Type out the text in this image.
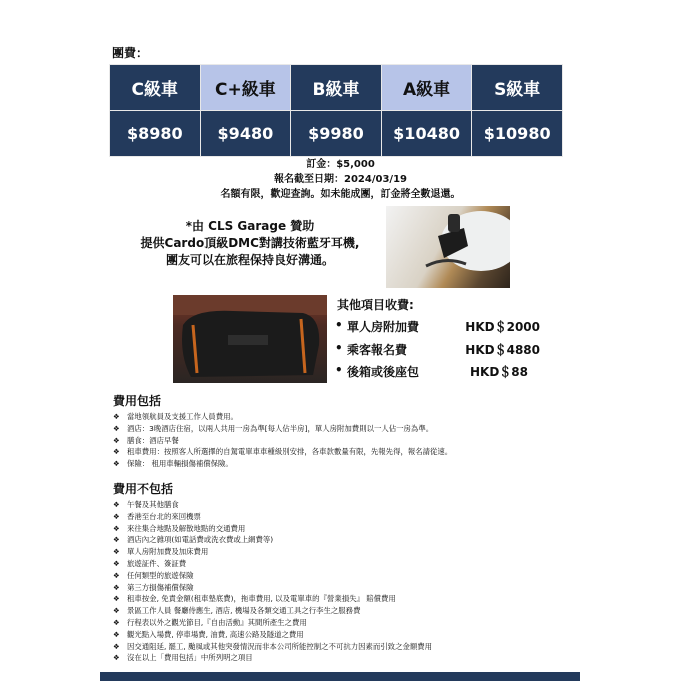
團費：
C級車	C+級車	B級車	A級車	S級車
$8980	$9480	$9980	$10480	$10980
訂金：$5,000
報名截至日期：2024/03/19
名額有限，歡迎查詢。如未能成團，訂金將全數退還。
*由 CLS Garage 贊助
提供Cardo頂級DMC對講技術藍牙耳機,
團友可以在旅程保持良好溝通。
其他項目收費:
• 單人房附加費	HKD＄2000
• 乘客報名費	HKD＄4880
• 後箱或後座包	HKD＄88
費用包括
❖ 當地領航員及支援工作人員費用。
❖ 酒店：3晚酒店住宿，以兩人共用一房為準[每人佔半房]，單人房附加費則以一人佔一房為準。
❖ 膳食：酒店早餐
❖ 租車費用：按照客人所選擇的自駕電單車車種級別安排，各車款數量有限，先報先得，報名請從速。
❖ 保險： 租用車輛損傷補償保險。
費用不包括
❖ 午餐及其他膳食
❖ 香港至台北的來回機票
❖ 來往集合地點及解散地點的交通費用
❖ 酒店內之雜項(如電話費或洗衣費或上網費等)
❖ 單人房附加費及加床費用
❖ 旅遊証件、簽証費
❖ 任何類型的旅遊保險
❖ 第三方損傷補償保險
❖ 租車按金, 免責金額(租車墊底費)，拖車費用, 以及電單車的『營業損失』 賠償費用
❖ 景區工作人員 餐廳侍應生, 酒店, 機場及各類交通工具之行李生之服務費
❖ 行程表以外之觀光節目,『自由活動』其間所產生之費用
❖ 觀光點入場費, 停車場費, 油費, 高速公路及隧道之費用
❖ 因交通阻延, 罷工, 颱風或其他突發情況而非本公司所能控制之不可抗力因素而引致之金額費用
❖ 沒在以上「費用包括」中所列明之項目
